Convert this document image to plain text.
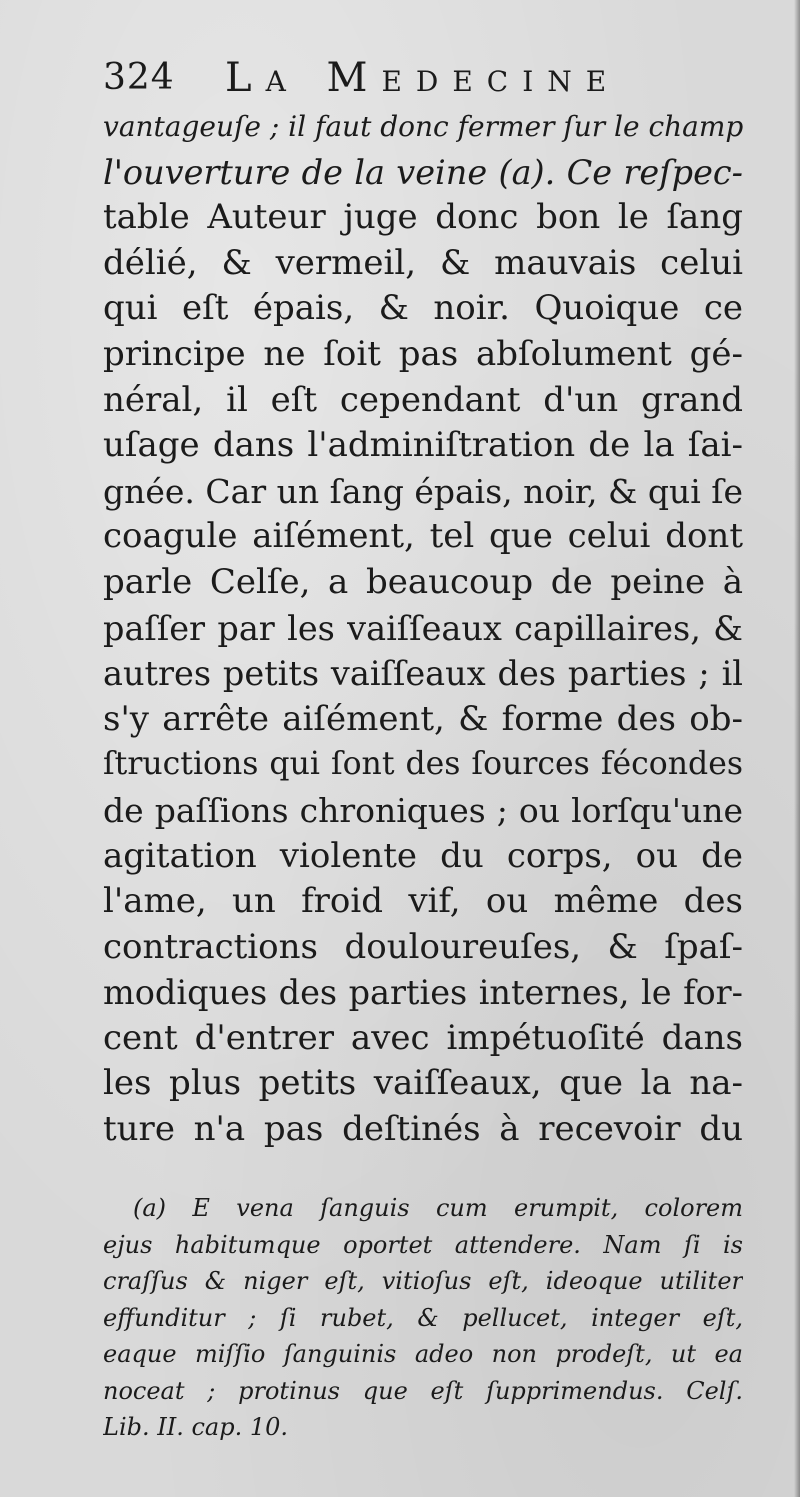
324 La Medecine
vantageuſe ; il faut donc fermer ſur le champ
l'ouverture de la veine (a). Ce reſpec-
table Auteur juge donc bon le ſang
délié, & vermeil, & mauvais celui
qui eſt épais, & noir. Quoique ce
principe ne ſoit pas abſolument gé-
néral, il eſt cependant d'un grand
uſage dans l'adminiſtration de la ſai-
gnée. Car un ſang épais, noir, & qui ſe
coagule aiſément, tel que celui dont
parle Celſe, a beaucoup de peine à
paſſer par les vaiſſeaux capillaires, &
autres petits vaiſſeaux des parties ; il
s'y arrête aiſément, & forme des ob-
ſtructions qui ſont des ſources fécondes
de paſſions chroniques ; ou lorſqu'une
agitation violente du corps, ou de
l'ame, un froid vif, ou même des
contractions douloureuſes, & ſpaſ-
modiques des parties internes, le for-
cent d'entrer avec impétuoſité dans
les plus petits vaiſſeaux, que la na-
ture n'a pas deſtinés à recevoir du
(a) E vena ſanguis cum erumpit, colorem
ejus habitumque oportet attendere. Nam ſi is
craſſus & niger eſt, vitioſus eſt, ideoque utiliter
effunditur ; ſi rubet, & pellucet, integer eſt,
eaque miſſio ſanguinis adeo non prodeſt, ut ea
noceat ; protinus que eſt ſupprimendus. Celſ.
Lib. II. cap. 10.
